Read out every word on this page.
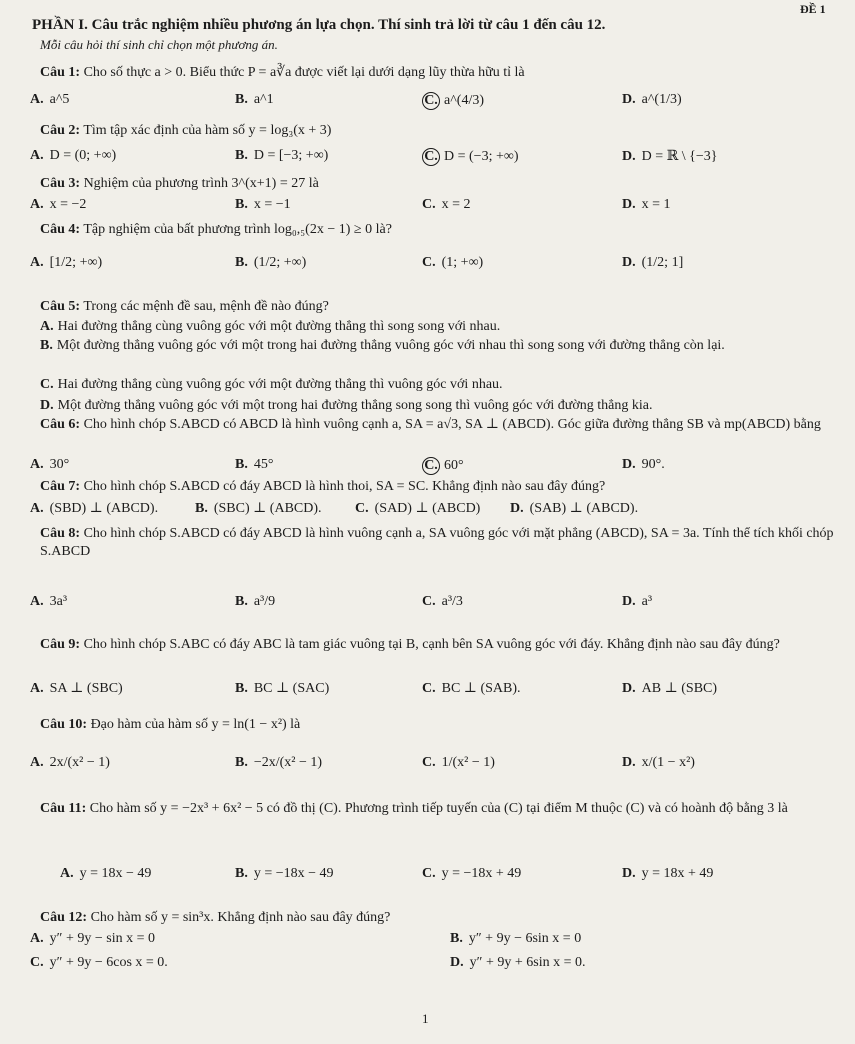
ĐỀ 1
PHẦN I. Câu trắc nghiệm nhiều phương án lựa chọn. Thí sinh trả lời từ câu 1 đến câu 12.
Mỗi câu hỏi thí sinh chỉ chọn một phương án.
Câu 1: Cho số thực a > 0. Biểu thức P = a∛a được viết lại dưới dạng lũy thừa hữu tỉ là
A. a^5	B. a^1	C. a^(4/3)	D. a^(1/3)
Câu 2: Tìm tập xác định của hàm số y = log₃(x + 3)
A. D = (0; +∞)	B. D = [−3; +∞)	C. D = (−3; +∞)	D. D = ℝ \ {−3}
Câu 3: Nghiệm của phương trình 3^(x+1) = 27 là
A. x = −2	B. x = −1	C. x = 2	D. x = 1
Câu 4: Tập nghiệm của bất phương trình log₀,₅(2x − 1) ≥ 0 là?
A. [1/2; +∞)	B. (1/2; +∞)	C. (1; +∞)	D. (1/2; 1]
Câu 5: Trong các mệnh đề sau, mệnh đề nào đúng?
A. Hai đường thẳng cùng vuông góc với một đường thẳng thì song song với nhau.
B. Một đường thẳng vuông góc với một trong hai đường thẳng vuông góc với nhau thì song song với đường thẳng còn lại.
C. Hai đường thẳng cùng vuông góc với một đường thẳng thì vuông góc với nhau.
D. Một đường thẳng vuông góc với một trong hai đường thẳng song song thì vuông góc với đường thẳng kia.
Câu 6: Cho hình chóp S.ABCD có ABCD là hình vuông cạnh a, SA = a√3, SA ⊥ (ABCD). Góc giữa đường thẳng SB và mp(ABCD) bằng
A. 30°	B. 45°	C. 60°	D. 90°.
Câu 7: Cho hình chóp S.ABCD có đáy ABCD là hình thoi, SA = SC. Khẳng định nào sau đây đúng?
A. (SBD) ⊥ (ABCD).	B. (SBC) ⊥ (ABCD). C. (SAD) ⊥ (ABCD) D. (SAB) ⊥ (ABCD).
Câu 8: Cho hình chóp S.ABCD có đáy ABCD là hình vuông cạnh a, SA vuông góc với mặt phẳng (ABCD), SA = 3a. Tính thể tích khối chóp S.ABCD
A. 3a³	B. a³/9	C. a³/3	D. a³
Câu 9: Cho hình chóp S.ABC có đáy ABC là tam giác vuông tại B, cạnh bên SA vuông góc với đáy. Khẳng định nào sau đây đúng?
A. SA ⊥ (SBC)	B. BC ⊥ (SAC)	C. BC ⊥ (SAB).	D. AB ⊥ (SBC)
Câu 10: Đạo hàm của hàm số y = ln(1 − x²) là
A. 2x/(x² − 1)	B. −2x/(x² − 1)	C. 1/(x² − 1)	D. x/(1 − x²)
Câu 11: Cho hàm số y = −2x³ + 6x² − 5 có đồ thị (C). Phương trình tiếp tuyến của (C) tại điểm M thuộc (C) và có hoành độ bằng 3 là
A. y = 18x − 49	B. y = −18x − 49	C. y = −18x + 49	D. y = 18x + 49
Câu 12: Cho hàm số y = sin³x. Khẳng định nào sau đây đúng?
A. y″ + 9y − sin x = 0	B. y″ + 9y − 6sin x = 0
C. y″ + 9y − 6cos x = 0.	D. y″ + 9y + 6sin x = 0.
1
